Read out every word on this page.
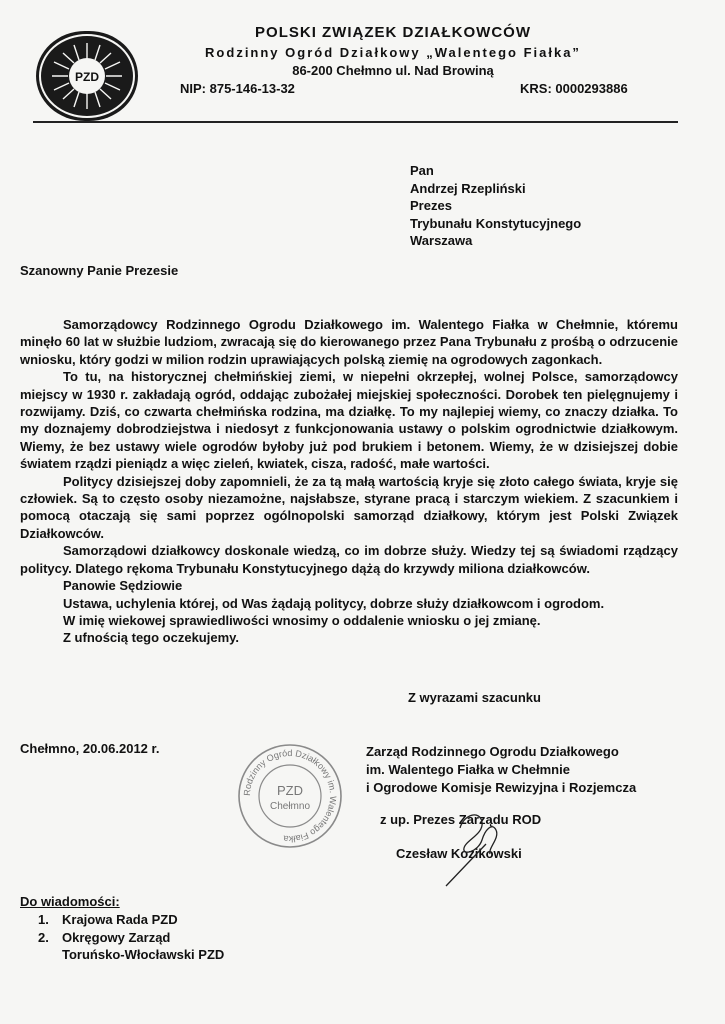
PZD
POLSKI ZWIĄZEK DZIAŁKOWCÓW
Rodzinny Ogród Działkowy „Walentego Fiałka”
86-200 Chełmno ul. Nad Browiną
NIP: 875-146-13-32	KRS: 0000293886
Pan
Andrzej Rzepliński
Prezes
Trybunału Konstytucyjnego
Warszawa
Szanowny Panie Prezesie

Samorządowcy Rodzinnego Ogrodu Działkowego im. Walentego Fiałka w Chełmnie, któremu minęło 60 lat w służbie ludziom, zwracają się do kierowanego przez Pana Trybunału z prośbą o odrzucenie wniosku, który godzi w milion rodzin uprawiających polską ziemię na ogrodowych zagonkach.

To tu, na historycznej chełmińskiej ziemi, w niepełni okrzepłej, wolnej Polsce, samorządowcy miejscy w 1930 r. zakładają ogród, oddając zubożałej miejskiej społeczności. Dorobek ten pielęgnujemy i rozwijamy. Dziś, co czwarta chełmińska rodzina, ma działkę. To my najlepiej wiemy, co znaczy działka. To my doznajemy dobrodziejstwa i niedosyt z funkcjonowania ustawy o polskim ogrodnictwie działkowym. Wiemy, że bez ustawy wiele ogrodów byłoby już pod brukiem i betonem. Wiemy, że w dzisiejszej dobie światem rządzi pieniądz a więc zieleń, kwiatek, cisza, radość, małe wartości.

Politycy dzisiejszej doby zapomnieli, że za tą małą wartością kryje się złoto całego świata, kryje się człowiek. Są to często osoby niezamożne, najsłabsze, styrane pracą i starczym wiekiem. Z szacunkiem i pomocą otaczają się sami poprzez ogólnopolski samorząd działkowy, którym jest Polski Związek Działkowców.

Samorządowi działkowcy doskonale wiedzą, co im dobrze służy. Wiedzy tej są świadomi rządzący politycy. Dlatego rękoma Trybunału Konstytucyjnego dążą do krzywdy miliona działkowców.

Panowie Sędziowie

Ustawa, uchylenia której, od Was żądają politycy, dobrze służy działkowcom i ogrodom.

W imię wiekowej sprawiedliwości wnosimy o oddalenie wniosku o jej zmianę.

Z ufnością tego oczekujemy.

Z wyrazami szacunku
Chełmno, 20.06.2012 r.	Zarząd Rodzinnego Ogrodu Działkowego
im. Walentego Fiałka w Chełmnie
i Ogrodowe Komisje Rewizyjna i Rozjemcza
z up. Prezes Zarządu ROD
Czesław Kozikowski
Rodzinny Ogród Działkowy im. Walentego Fiałka
PZD
Chełmno
Do wiadomości:
1. Krajowa Rada PZD
2. Okręgowy Zarząd
Toruńsko-Włocławski PZD
